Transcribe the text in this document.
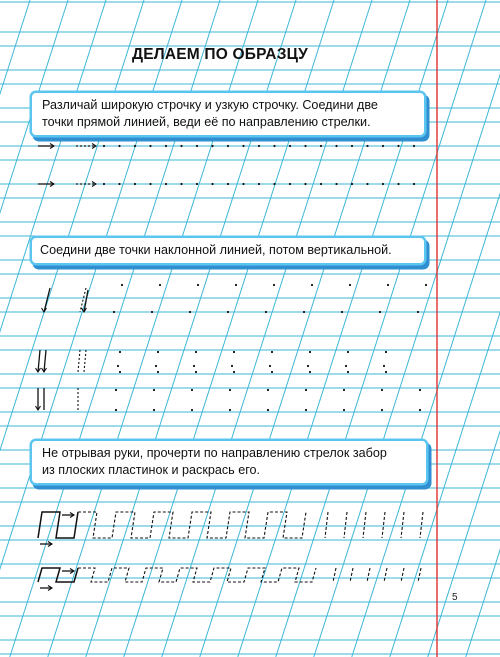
ДЕЛАЕМ ПО ОБРАЗЦУ
Различай широкую строчку и узкую строчку. Соедини две
точки прямой линией, веди её по направлению стрелки.
Соедини две точки наклонной линией, потом вертикальной.
Не отрывая руки, прочерти по направлению стрелок забор
из плоских пластинок и раскрась его.
5
